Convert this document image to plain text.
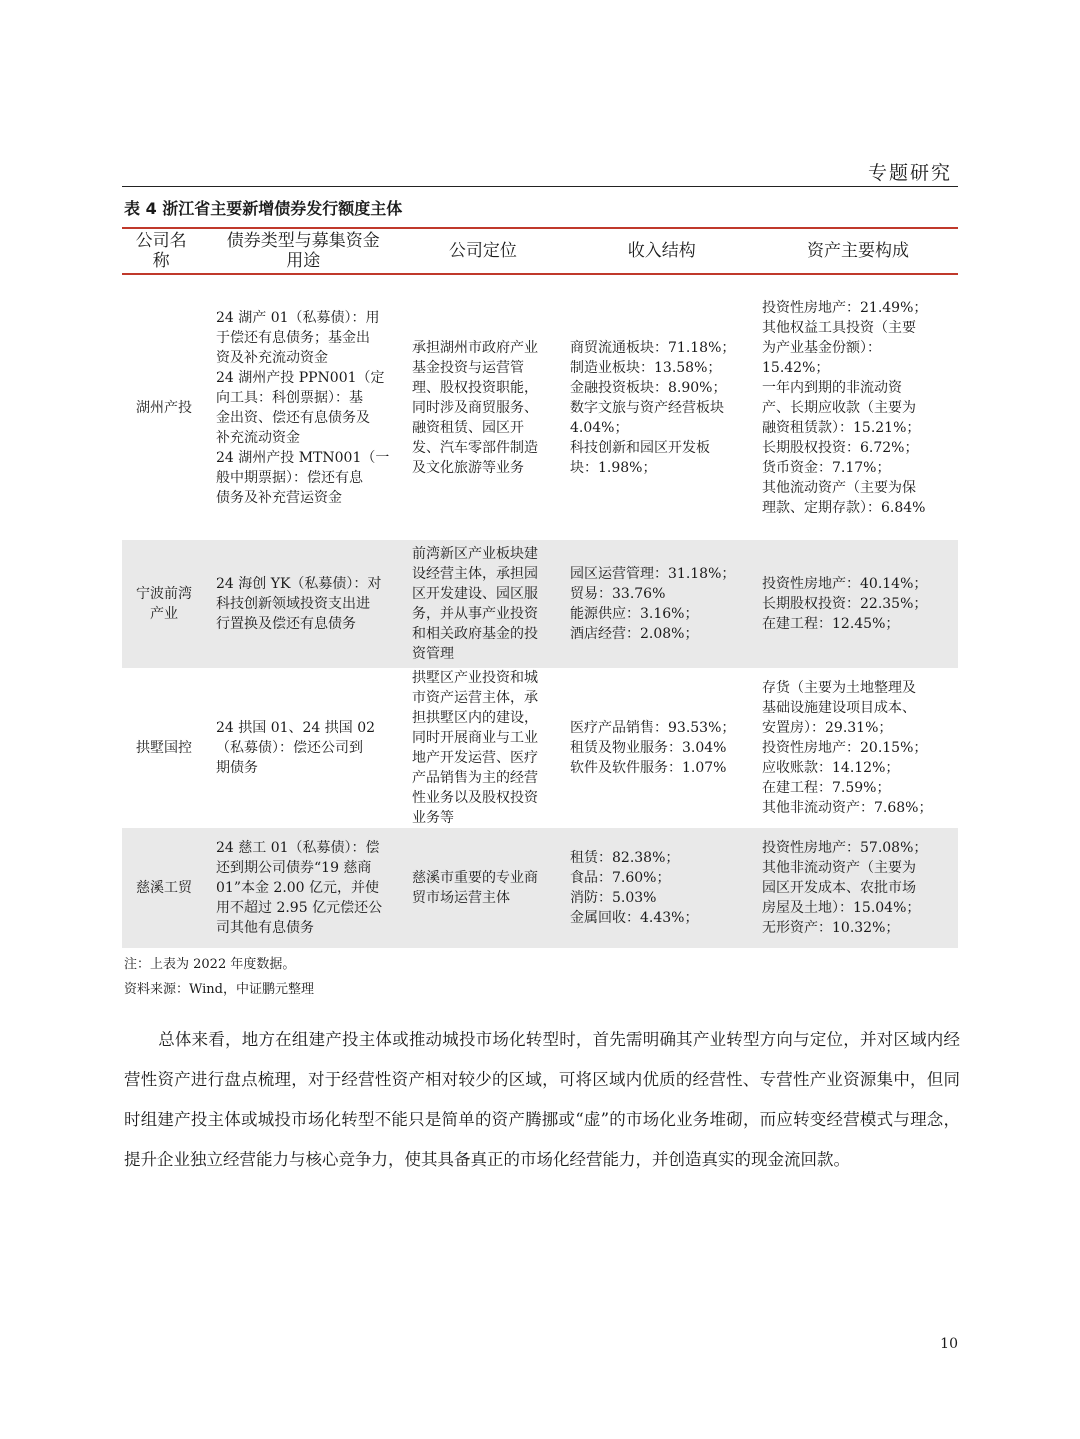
专题研究
表 4 浙江省主要新增债券发行额度主体
公司名
称
债券类型与募集资金
用途
公司定位	收入结构	资产主要构成
湖州产投
24 湖产 01（私募债）：用
于偿还有息债务；基金出
资及补充流动资金
24 湖州产投 PPN001（定
向工具：科创票据）：基
金出资、偿还有息债务及
补充流动资金
24 湖州产投 MTN001（一
般中期票据）：偿还有息
债务及补充营运资金
承担湖州市政府产业
基金投资与运营管
理、股权投资职能，
同时涉及商贸服务、
融资租赁、园区开
发、汽车零部件制造
及文化旅游等业务
商贸流通板块：71.18%；
制造业板块：13.58%；
金融投资板块：8.90%；
数字文旅与资产经营板块
4.04%；
科技创新和园区开发板
块：1.98%；
投资性房地产：21.49%；
其他权益工具投资（主要
为产业基金份额）：
15.42%；
一年内到期的非流动资
产、长期应收款（主要为
融资租赁款）：15.21%；
长期股权投资：6.72%；
货币资金：7.17%；
其他流动资产（主要为保
理款、定期存款）：6.84%
宁波前湾
产业
24 海创 YK（私募债）：对
科技创新领域投资支出进
行置换及偿还有息债务
前湾新区产业板块建
设经营主体，承担园
区开发建设、园区服
务，并从事产业投资
和相关政府基金的投
资管理
园区运营管理：31.18%；
贸易：33.76%
能源供应：3.16%；
酒店经营：2.08%；
投资性房地产：40.14%；
长期股权投资：22.35%；
在建工程：12.45%；
拱墅国控
24 拱国 01、24 拱国 02
（私募债）：偿还公司到
期债务
拱墅区产业投资和城
市资产运营主体，承
担拱墅区内的建设，
同时开展商业与工业
地产开发运营、医疗
产品销售为主的经营
性业务以及股权投资
业务等
医疗产品销售：93.53%；
租赁及物业服务：3.04%
软件及软件服务：1.07%
存货（主要为土地整理及
基础设施建设项目成本、
安置房）：29.31%；
投资性房地产：20.15%；
应收账款：14.12%；
在建工程：7.59%；
其他非流动资产：7.68%；
慈溪工贸
24 慈工 01（私募债）：偿
还到期公司债券“19 慈商
01”本金 2.00 亿元，并使
用不超过 2.95 亿元偿还公
司其他有息债务
慈溪市重要的专业商
贸市场运营主体
租赁：82.38%；
食品：7.60%；
消防：5.03%
金属回收：4.43%；
投资性房地产：57.08%；
其他非流动资产（主要为
园区开发成本、农批市场
房屋及土地）：15.04%；
无形资产：10.32%；
注：上表为 2022 年度数据。
资料来源：Wind，中证鹏元整理
总体来看，地方在组建产投主体或推动城投市场化转型时，首先需明确其产业转型方向与定位，并对区域内经营性资产进行盘点梳理，对于经营性资产相对较少的区域，可将区域内优质的经营性、专营性产业资源集中，但同时组建产投主体或城投市场化转型不能只是简单的资产腾挪或“虚”的市场化业务堆砌，而应转变经营模式与理念，提升企业独立经营能力与核心竞争力，使其具备真正的市场化经营能力，并创造真实的现金流回款。
10
